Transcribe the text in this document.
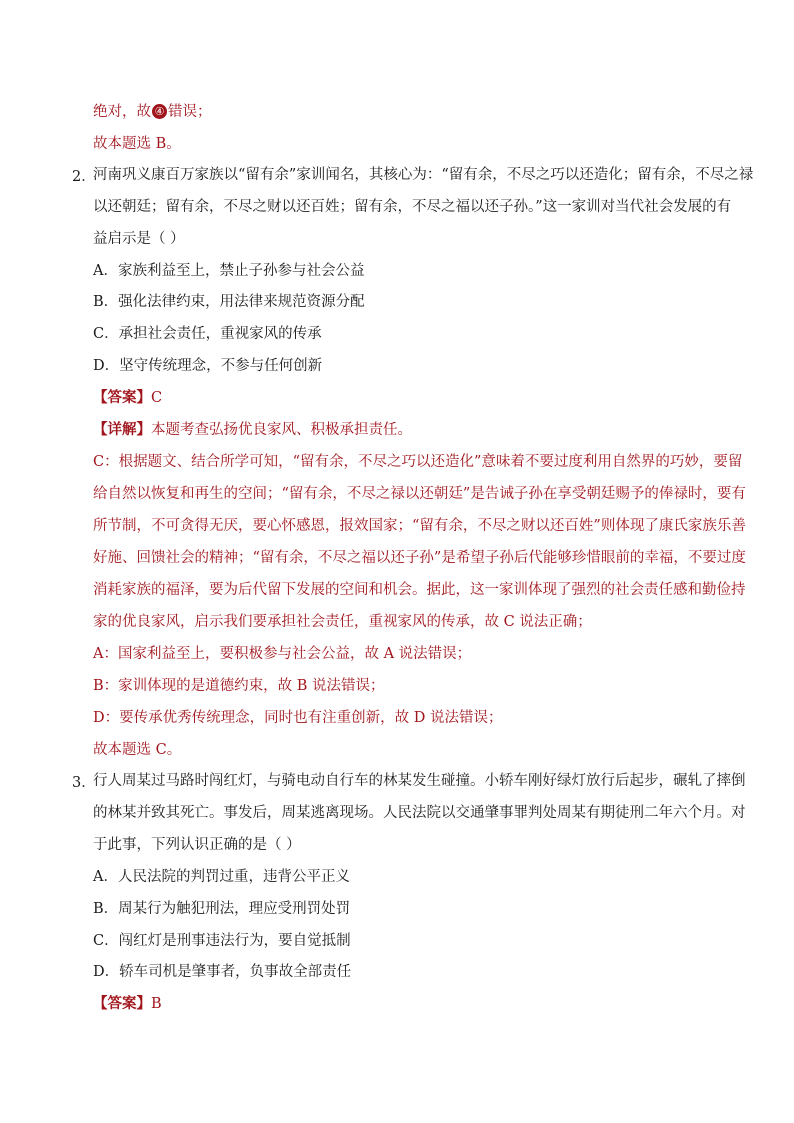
绝对，故 ④ 错误；
故本题选 B。
2．
河南巩义康百万家族以“留有余”家训闻名，其核心为：“留有余，不尽之巧以还造化；留有余，不尽之禄
以还朝廷；留有余，不尽之财以还百姓；留有余，不尽之福以还子孙。”这一家训对当代社会发展的有
益启示是（ ）
A．家族利益至上，禁止子孙参与社会公益
B．强化法律约束，用法律来规范资源分配
C．承担社会责任，重视家风的传承
D．坚守传统理念，不参与任何创新
【答案】C
【详解】本题考查弘扬优良家风、积极承担责任。
C：根据题文、结合所学可知，“留有余，不尽之巧以还造化”意味着不要过度利用自然界的巧妙，要留
给自然以恢复和再生的空间；“留有余，不尽之禄以还朝廷”是告诫子孙在享受朝廷赐予的俸禄时，要有
所节制，不可贪得无厌，要心怀感恩，报效国家；“留有余，不尽之财以还百姓”则体现了康氏家族乐善
好施、回馈社会的精神；“留有余，不尽之福以还子孙”是希望子孙后代能够珍惜眼前的幸福，不要过度
消耗家族的福泽，要为后代留下发展的空间和机会。据此，这一家训体现了强烈的社会责任感和勤俭持
家的优良家风，启示我们要承担社会责任，重视家风的传承，故 C 说法正确；
A：国家利益至上，要积极参与社会公益，故 A 说法错误；
B：家训体现的是道德约束，故 B 说法错误；
D：要传承优秀传统理念，同时也有注重创新，故 D 说法错误；
故本题选 C。
3．
行人周某过马路时闯红灯，与骑电动自行车的林某发生碰撞。小轿车刚好绿灯放行后起步，碾轧了摔倒
的林某并致其死亡。事发后，周某逃离现场。人民法院以交通肇事罪判处周某有期徒刑二年六个月。对
于此事，下列认识正确的是（ ）
A．人民法院的判罚过重，违背公平正义
B．周某行为触犯刑法，理应受刑罚处罚
C．闯红灯是刑事违法行为，要自觉抵制
D．轿车司机是肇事者，负事故全部责任
【答案】B
